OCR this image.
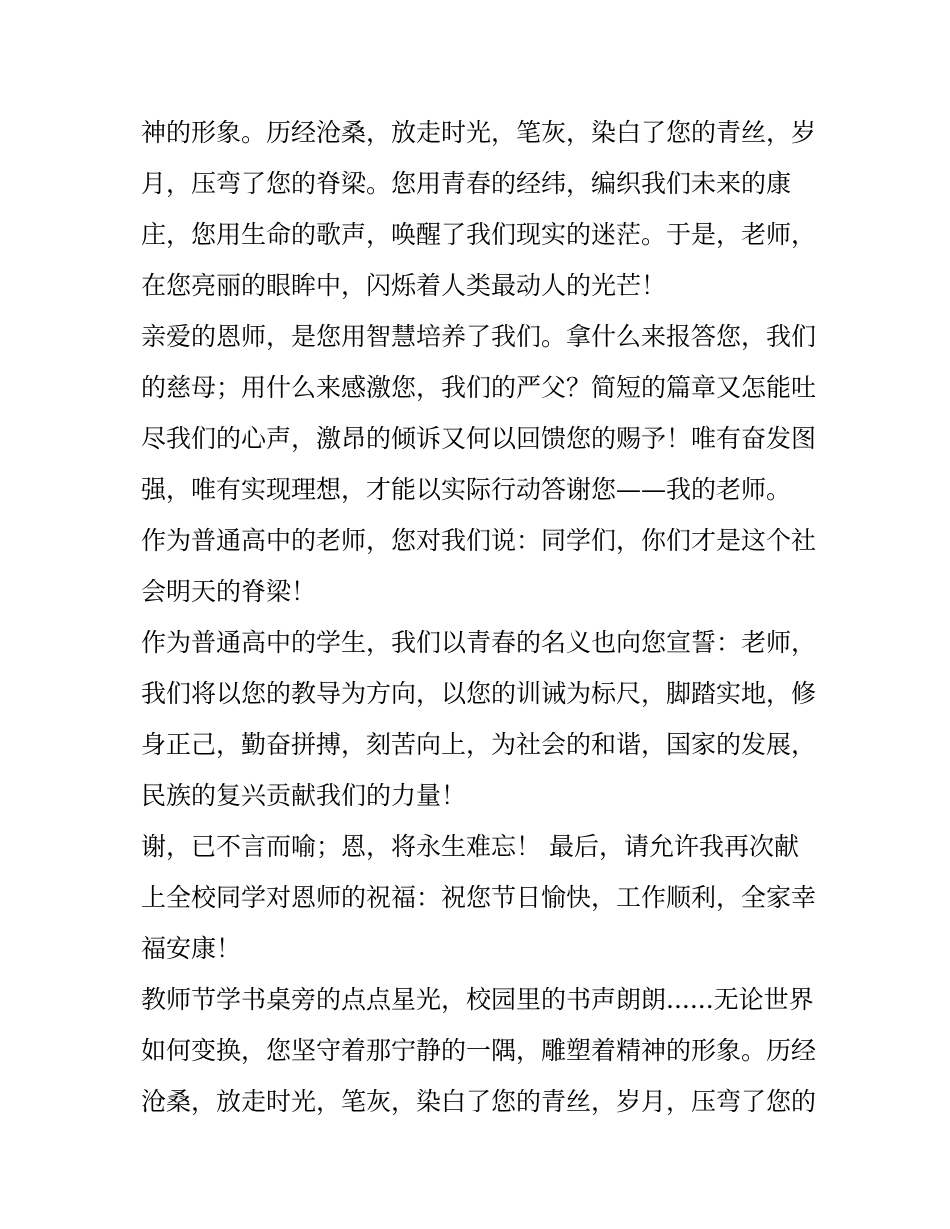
神的形象。历经沧桑，放走时光，笔灰，染白了您的青丝，岁
月，压弯了您的脊梁。您用青春的经纬，编织我们未来的康
庄，您用生命的歌声，唤醒了我们现实的迷茫。于是，老师，
在您亮丽的眼眸中，闪烁着人类最动人的光芒！
亲爱的恩师，是您用智慧培养了我们。拿什么来报答您，我们
的慈母；用什么来感激您，我们的严父？简短的篇章又怎能吐
尽我们的心声，激昂的倾诉又何以回馈您的赐予！唯有奋发图
强，唯有实现理想，才能以实际行动答谢您——我的老师。
作为普通高中的老师，您对我们说：同学们，你们才是这个社
会明天的脊梁！
作为普通高中的学生，我们以青春的名义也向您宣誓：老师，
我们将以您的教导为方向，以您的训诫为标尺，脚踏实地，修
身正己，勤奋拼搏，刻苦向上，为社会的和谐，国家的发展，
民族的复兴贡献我们的力量！
谢，已不言而喻；恩，将永生难忘！ 最后，请允许我再次献
上全校同学对恩师的祝福：祝您节日愉快，工作顺利，全家幸
福安康！
教师节学书桌旁的点点星光，校园里的书声朗朗......无论世界
如何变换，您坚守着那宁静的一隅，雕塑着精神的形象。历经
沧桑，放走时光，笔灰，染白了您的青丝，岁月，压弯了您的
